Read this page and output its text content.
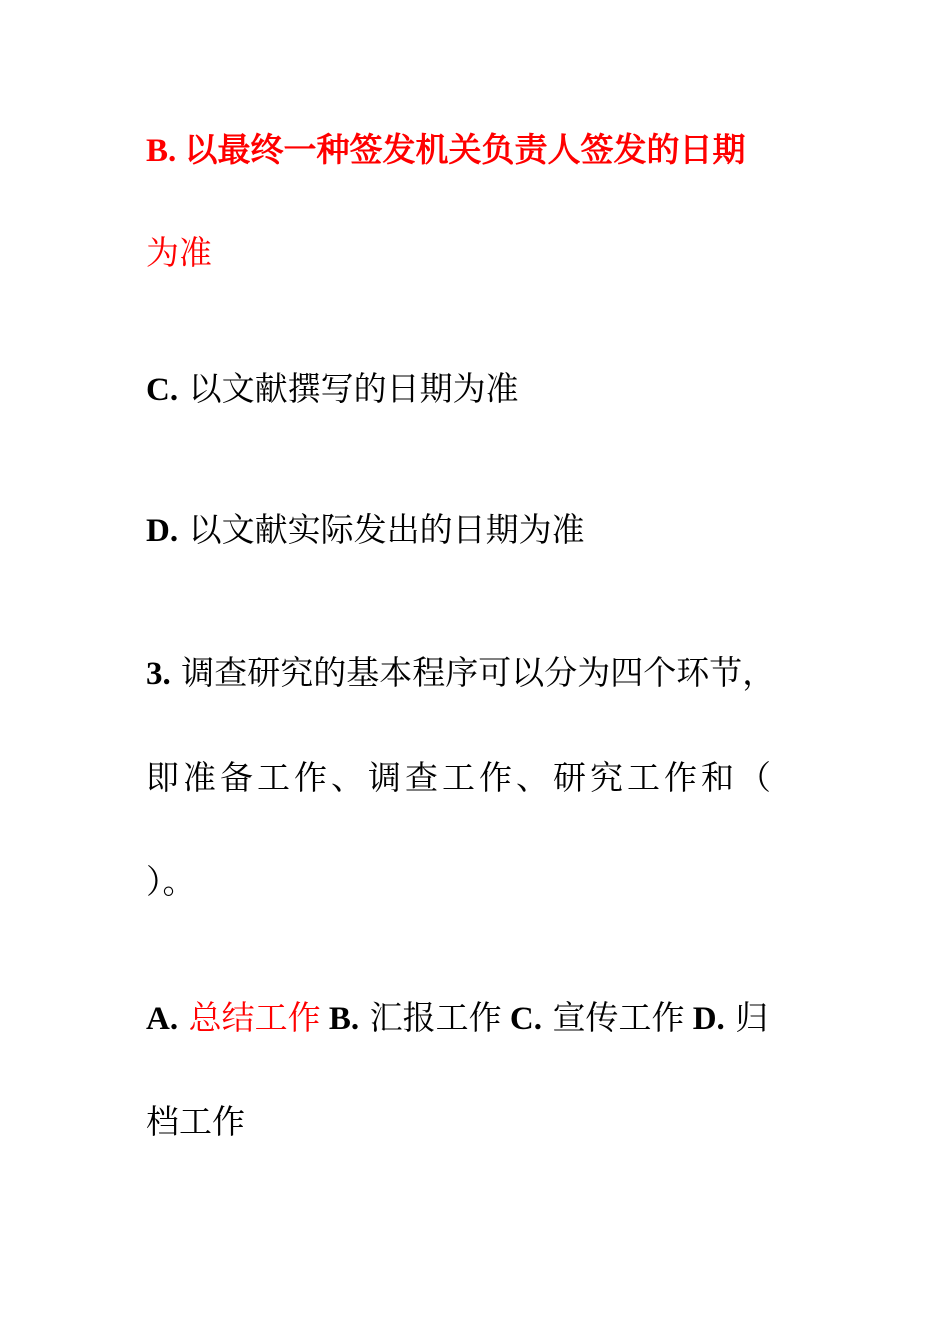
B. 以最终一种签发机关负责人签发的日期
为准
C. 以文献撰写的日期为准
D. 以文献实际发出的日期为准
3. 调查研究的基本程序可以分为四个环节，
即准备工作、调查工作、研究工作和（
）。
A. 总结工作 B. 汇报工作 C. 宣传工作 D. 归
档工作
